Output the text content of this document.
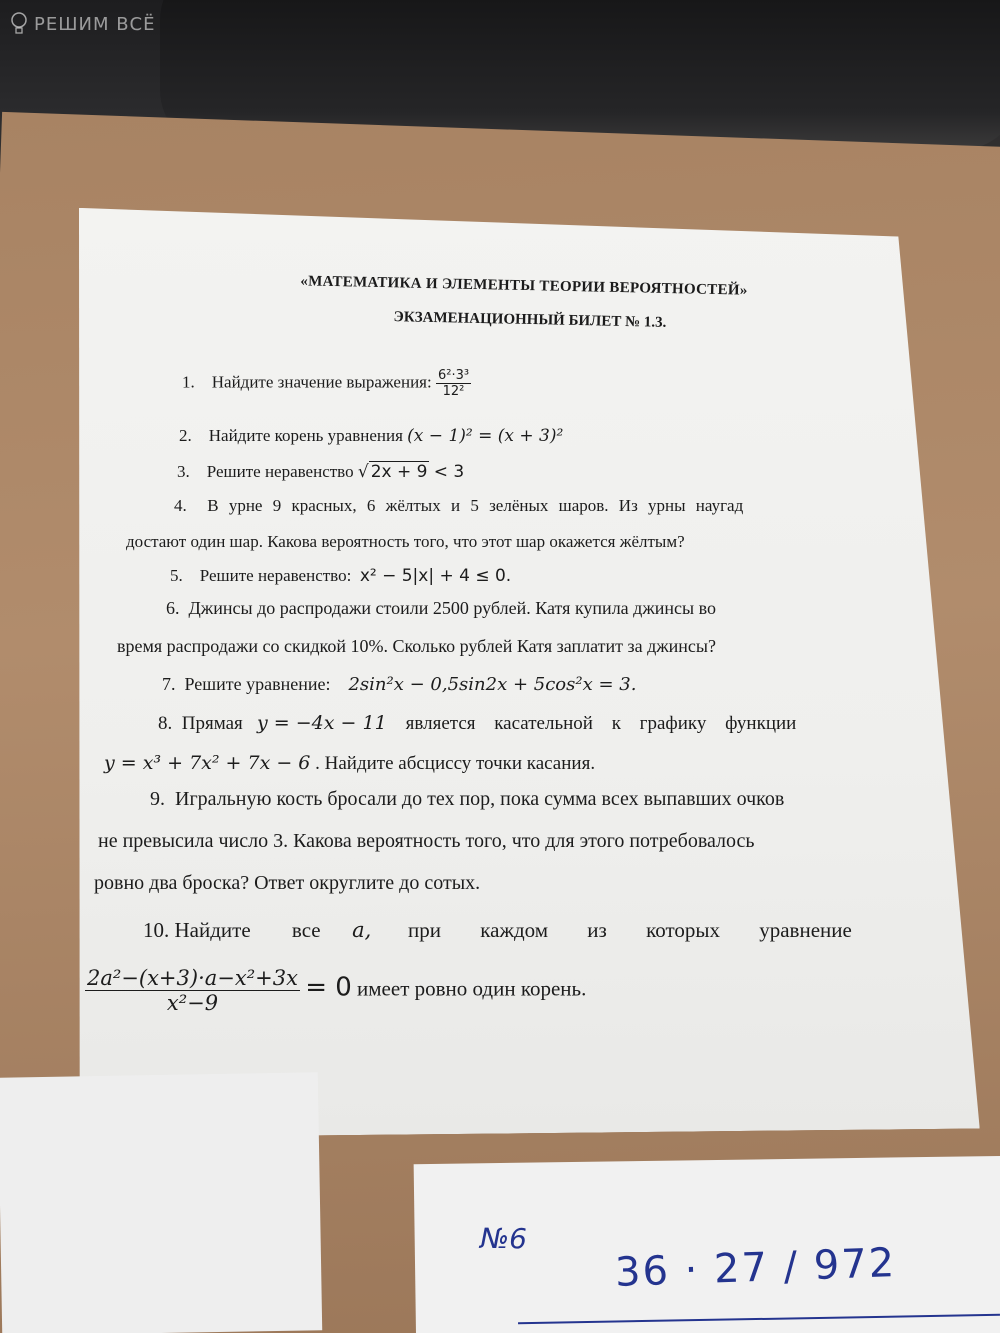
РЕШИМ ВСЁ
«МАТЕМАТИКА И ЭЛЕМЕНТЫ ТЕОРИИ ВЕРОЯТНОСТЕЙ»
ЭКЗАМЕНАЦИОННЫЙ БИЛЕТ № 1.3.
1. Найдите значение выражения: $\frac{\text{6²·3³}}{\text{12²}}$
2. Найдите корень уравнения (x − 1)² = (x + 3)²
3. Решите неравенство √ 2x + 9 < 3
4. В урне 9 красных, 6 жёлтых и 5 зелёных шаров. Из урны наугад
достают один шар. Какова вероятность того, что этот шар окажется жёлтым?
5. Решите неравенство: x² − 5|x| + 4 ≤ 0.
6. Джинсы до распродажи стоили 2500 рублей. Катя купила джинсы во
время распродажи со скидкой 10%. Сколько рублей Катя заплатит за джинсы?
7. Решите уравнение: 2sin²x − 0,5sin2x + 5cos²x = 3.
8. Прямая y = −4x − 11 является касательной к графику функции
y = x³ + 7x² + 7x − 6 . Найдите абсциссу точки касания.
9. Игральную кость бросали до тех пор, пока сумма всех выпавших очков
не превысила число 3. Какова вероятность того, что для этого потребовалось
ровно два броска? Ответ округлите до сотых.
10. Найдите все a, при каждом из которых уравнение
$\frac{\text{2a²−(x+3)·a−x²+3x}}{\text{x²−9}} = 0$ имеет ровно один корень.
№6
36 · 27 / 972
